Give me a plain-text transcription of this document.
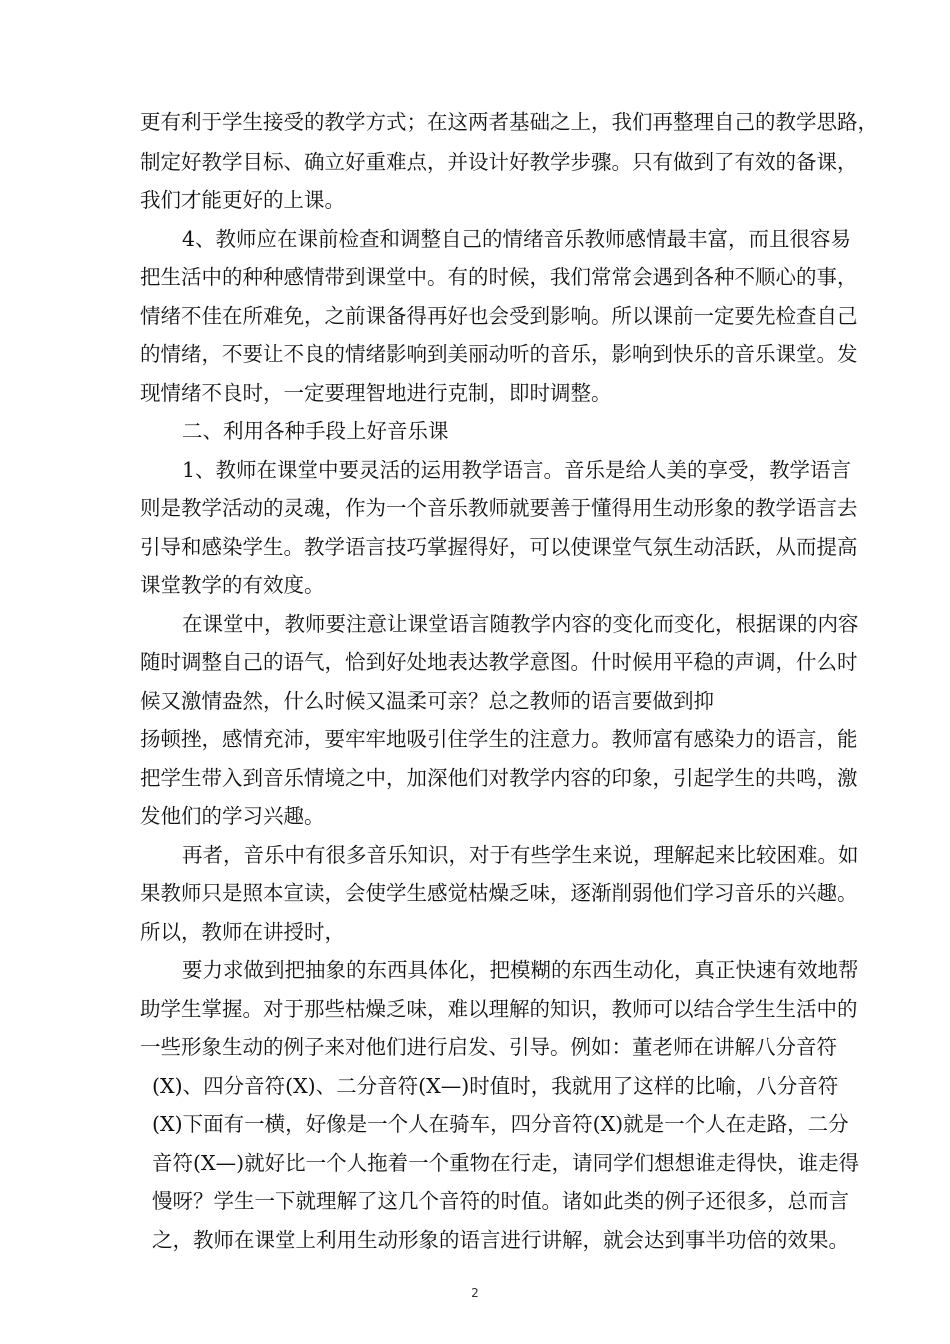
更有利于学生接受的教学方式；在这两者基础之上，我们再整理自己的教学思路，
制定好教学目标、确立好重难点，并设计好教学步骤。只有做到了有效的备课，
我们才能更好的上课。
4、教师应在课前检查和调整自己的情绪音乐教师感情最丰富，而且很容易
把生活中的种种感情带到课堂中。有的时候，我们常常会遇到各种不顺心的事，
情绪不佳在所难免，之前课备得再好也会受到影响。所以课前一定要先检查自己
的情绪，不要让不良的情绪影响到美丽动听的音乐，影响到快乐的音乐课堂。发
现情绪不良时，一定要理智地进行克制，即时调整。
二、利用各种手段上好音乐课
1、教师在课堂中要灵活的运用教学语言。音乐是给人美的享受，教学语言
则是教学活动的灵魂，作为一个音乐教师就要善于懂得用生动形象的教学语言去
引导和感染学生。教学语言技巧掌握得好，可以使课堂气氛生动活跃，从而提高
课堂教学的有效度。
在课堂中，教师要注意让课堂语言随教学内容的变化而变化，根据课的内容
随时调整自己的语气，恰到好处地表达教学意图。什时候用平稳的声调，什么时
候又激情盎然，什么时候又温柔可亲？总之教师的语言要做到抑
扬顿挫，感情充沛，要牢牢地吸引住学生的注意力。教师富有感染力的语言，能
把学生带入到音乐情境之中，加深他们对教学内容的印象，引起学生的共鸣，激
发他们的学习兴趣。
再者，音乐中有很多音乐知识，对于有些学生来说，理解起来比较困难。如
果教师只是照本宣读，会使学生感觉枯燥乏味，逐渐削弱他们学习音乐的兴趣。
所以，教师在讲授时，
要力求做到把抽象的东西具体化，把模糊的东西生动化，真正快速有效地帮
助学生掌握。对于那些枯燥乏味，难以理解的知识，教师可以结合学生生活中的
一些形象生动的例子来对他们进行启发、引导。例如：董老师在讲解八分音符
(X)、四分音符(X)、二分音符(X—)时值时，我就用了这样的比喻，八分音符
(X)下面有一横，好像是一个人在骑车，四分音符(X)就是一个人在走路，二分
音符(X—)就好比一个人拖着一个重物在行走，请同学们想想谁走得快，谁走得
慢呀？学生一下就理解了这几个音符的时值。诸如此类的例子还很多，总而言
之，教师在课堂上利用生动形象的语言进行讲解，就会达到事半功倍的效果。
2
